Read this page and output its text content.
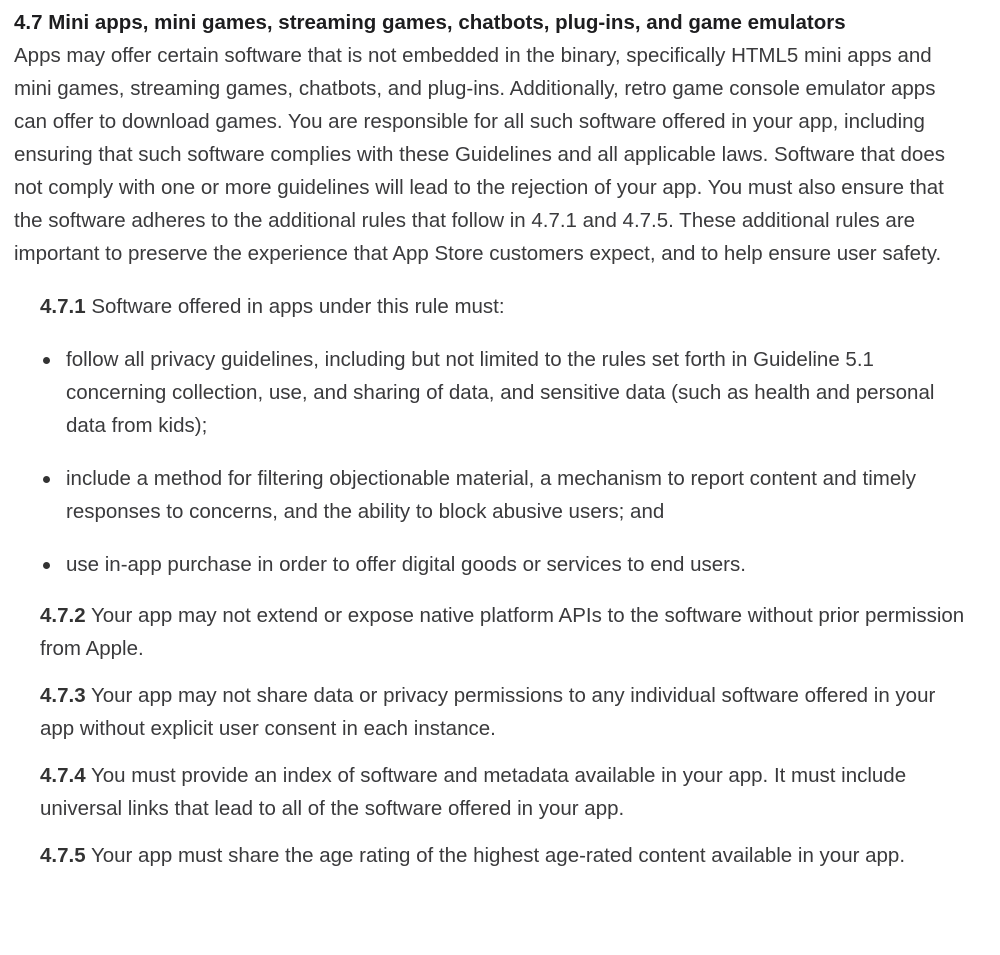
4.7 Mini apps, mini games, streaming games, chatbots, plug-ins, and game emulators

Apps may offer certain software that is not embedded in the binary, specifically HTML5 mini apps and mini games, streaming games, chatbots, and plug-ins. Additionally, retro game console emulator apps can offer to download games. You are responsible for all such software offered in your app, including ensuring that such software complies with these Guidelines and all applicable laws. Software that does not comply with one or more guidelines will lead to the rejection of your app. You must also ensure that the software adheres to the additional rules that follow in 4.7.1 and 4.7.5. These additional rules are important to preserve the experience that App Store customers expect, and to help ensure user safety.

4.7.1 Software offered in apps under this rule must:

follow all privacy guidelines, including but not limited to the rules set forth in Guideline 5.1 concerning collection, use, and sharing of data, and sensitive data (such as health and personal data from kids);
include a method for filtering objectionable material, a mechanism to report content and timely responses to concerns, and the ability to block abusive users; and
use in-app purchase in order to offer digital goods or services to end users.

4.7.2 Your app may not extend or expose native platform APIs to the software without prior permission from Apple.

4.7.3 Your app may not share data or privacy permissions to any individual software offered in your app without explicit user consent in each instance.

4.7.4 You must provide an index of software and metadata available in your app. It must include universal links that lead to all of the software offered in your app.

4.7.5 Your app must share the age rating of the highest age-rated content available in your app.
